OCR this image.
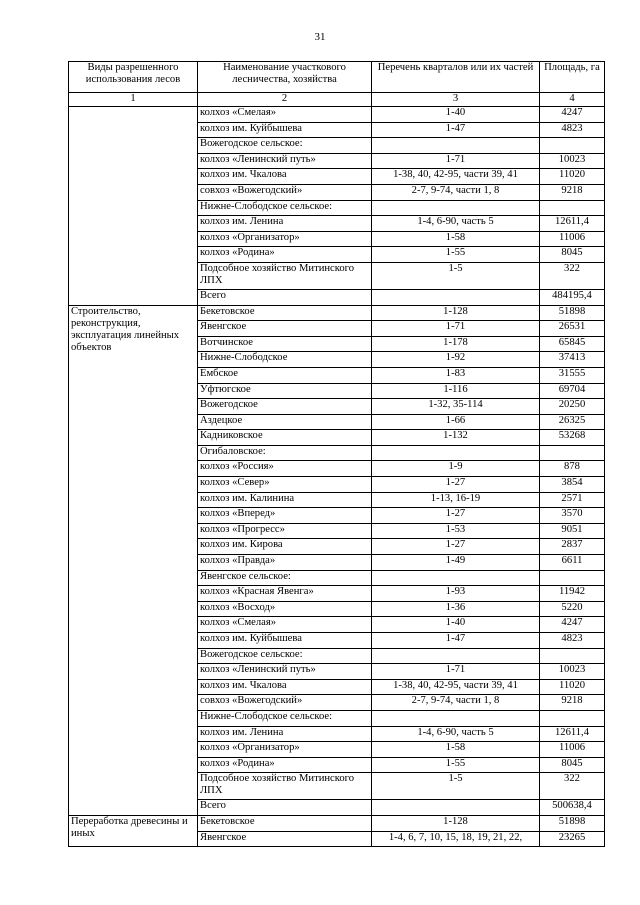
31
Виды разрешенного использования лесов	Наименование участкового лесничества, хозяйства	Перечень кварталов или их частей	Площадь, га
1	2	3	4
	колхоз «Смелая»	1-40	4247
	колхоз им. Куйбышева	1-47	4823
	Вожегодское сельское:		
	колхоз «Ленинский путь»	1-71	10023
	колхоз им. Чкалова	1-38, 40, 42-95, части 39, 41	11020
	совхоз «Вожегодский»	2-7, 9-74, части 1, 8	9218
	Нижне-Слободское сельское:		
	колхоз им. Ленина	1-4, 6-90, часть 5	12611,4
	колхоз «Организатор»	1-58	11006
	колхоз «Родина»	1-55	8045
	Подсобное хозяйство Митинского ЛПХ	1-5	322
	Всего		484195,4
Строительство, реконструкция, эксплуатация линейных объектов	Бекетовское	1-128	51898
	Явенгское	1-71	26531
	Вотчинское	1-178	65845
	Нижне-Слободское	1-92	37413
	Ембское	1-83	31555
	Уфтюгское	1-116	69704
	Вожегодское	1-32, 35-114	20250
	Аздецкое	1-66	26325
	Кадниковское	1-132	53268
	Огибаловское:		
	колхоз «Россия»	1-9	878
	колхоз «Север»	1-27	3854
	колхоз им. Калинина	1-13, 16-19	2571
	колхоз «Вперед»	1-27	3570
	колхоз «Прогресс»	1-53	9051
	колхоз им. Кирова	1-27	2837
	колхоз «Правда»	1-49	6611
	Явенгское сельское:		
	колхоз «Красная Явенга»	1-93	11942
	колхоз «Восход»	1-36	5220
	колхоз «Смелая»	1-40	4247
	колхоз им. Куйбышева	1-47	4823
	Вожегодское сельское:		
	колхоз «Ленинский путь»	1-71	10023
	колхоз им. Чкалова	1-38, 40, 42-95, части 39, 41	11020
	совхоз «Вожегодский»	2-7, 9-74, части 1, 8	9218
	Нижне-Слободское сельское:		
	колхоз им. Ленина	1-4, 6-90, часть 5	12611,4
	колхоз «Организатор»	1-58	11006
	колхоз «Родина»	1-55	8045
	Подсобное хозяйство Митинского ЛПХ	1-5	322
	Всего		500638,4
Переработка древесины и иных	Бекетовское	1-128	51898
	Явенгское	1-4, 6, 7, 10, 15, 18, 19, 21, 22,	23265
